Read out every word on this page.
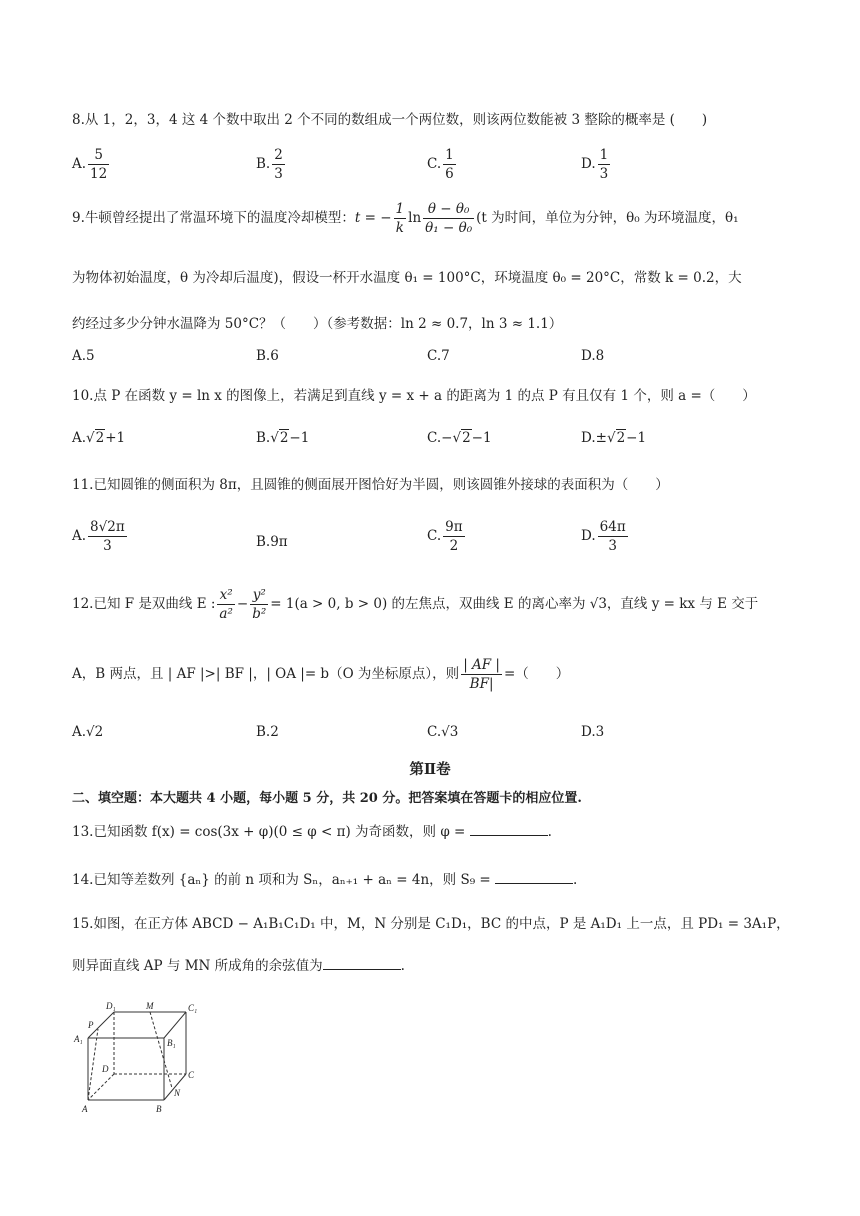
8.从 1，2，3，4 这 4 个数中取出 2 个不同的数组成一个两位数，则该两位数能被 3 整除的概率是 (　　)
A. $\frac{5}{12}$	B. $\frac{2}{3}$	C. $\frac{1}{6}$	D. $\frac{1}{3}$
9.牛顿曾经提出了常温环境下的温度冷却模型：t = − $\frac{1}{k}$ $\ln \frac{\text{θ − θ₀}}{\text{θ₁ − θ₀}} (t$ 为时间，单位为分钟，θ₀ 为环境温度，θ₁
为物体初始温度，θ 为冷却后温度)，假设一杯开水温度 θ₁ = 100°C，环境温度 θ₀ = 20°C，常数 k = 0.2，大
约经过多少分钟水温降为 50°C？（　　）（参考数据：ln 2 ≈ 0.7，ln 3 ≈ 1.1）
A.5	B.6	C.7	D.8
10.点 P 在函数 y = ln x 的图像上，若满足到直线 y = x + a 的距离为 1 的点 P 有且仅有 1 个，则 a =（　　）
A.√2+1	B.√2−1	C.−√2−1	D.±√2−1
11.已知圆锥的侧面积为 8π，且圆锥的侧面展开图恰好为半圆，则该圆锥外接球的表面积为（　　）
A. $\frac{8√2\pi}{3}$	B.9π	C. $\frac{9\pi}{2}$	D. $\frac{64\pi}{3}$
12.已知 F 是双曲线 E : $\frac{\text{x²}}{\text{a²}} - \frac{\text{y²}}{\text{b²}} = 1(a > 0$, b > 0) 的左焦点，双曲线 E 的离心率为 √3，直线 y = kx 与 E 交于
A，B 两点，且 | AF |>| BF |，| OA |= b（O 为坐标原点），则 $\frac{| AF |}{BF|}$ =（　　）
A.√2	B.2	C.√3	D.3
第Ⅱ卷
二、填空题：本大题共 4 小题，每小题 5 分，共 20 分。把答案填在答题卡的相应位置.
13.已知函数 f(x) = cos(3x + φ)(0 ≤ φ < π) 为奇函数，则 φ =	.
14.已知等差数列 {aₙ} 的前 n 项和为 Sₙ，aₙ₊₁ + aₙ = 4n，则 S₉ =	.
15.如图，在正方体 ABCD − A₁B₁C₁D₁ 中，M，N 分别是 C₁D₁，BC 的中点，P 是 A₁D₁ 上一点，且 PD₁ = 3A₁P，
则异面直线 AP 与 MN 所成角的余弦值为	.
D₁	M	C₁
P
A₁	B₁
D
C
A	B
N
